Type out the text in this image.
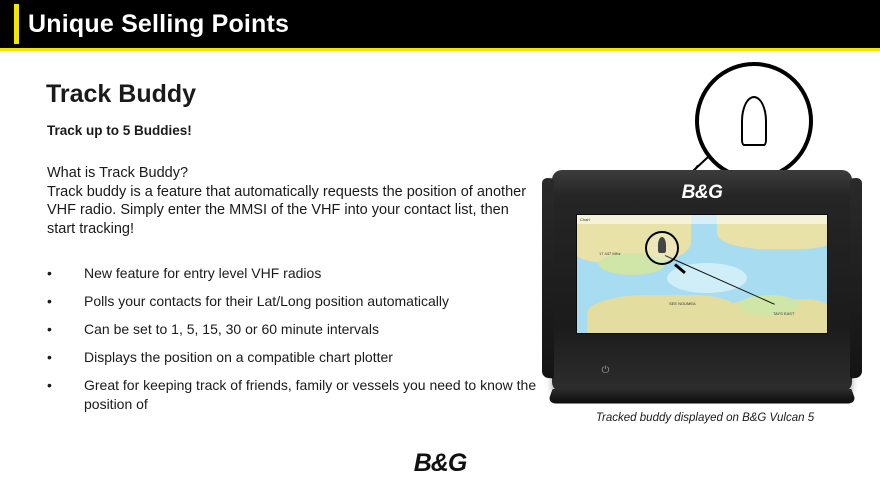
Unique Selling Points
Track Buddy
Track up to 5 Buddies!
What is Track Buddy?
Track buddy is a feature that automatically requests the position of another VHF radio. Simply enter the MMSI of the VHF into your contact list, then start tracking!
•	New feature for entry level VHF radios
•	Polls your contacts for their Lat/Long position automatically
•	Can be set to 1, 5, 15, 30 or 60 minute intervals
•	Displays the position on a compatible chart plotter
•	Great for keeping track of friends, family or vessels you need to know the position of
B&G
Chart
17 447 MHz
SEE NOUMEA
TAYS EAST
⏻
Tracked buddy displayed on B&G Vulcan 5
B&G
